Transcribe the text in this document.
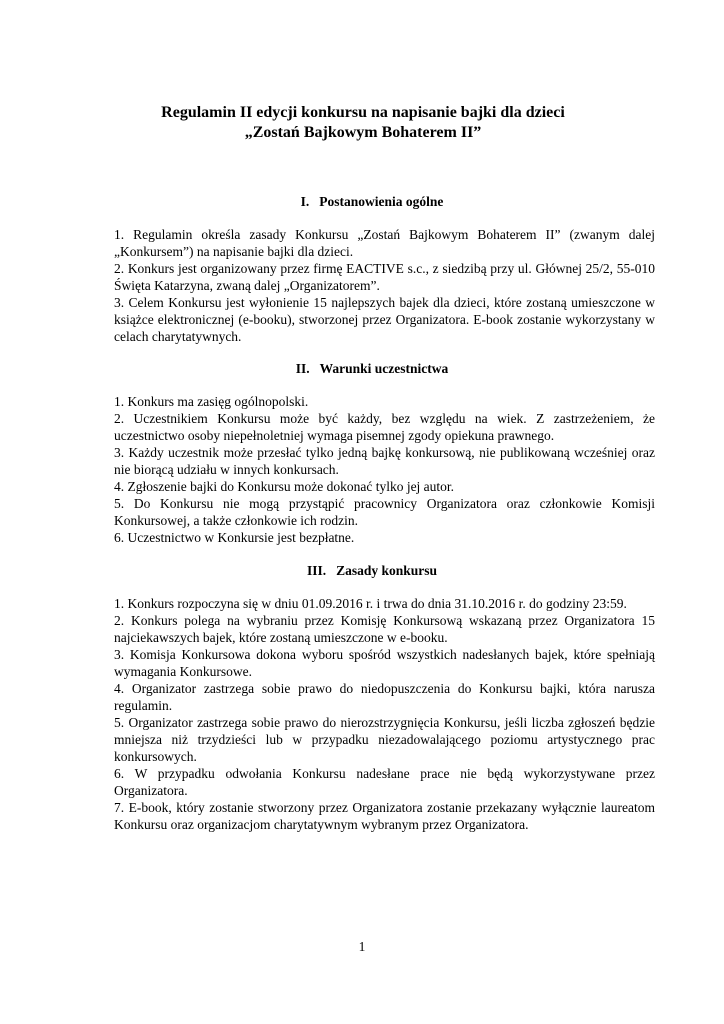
Regulamin II edycji konkursu na napisanie bajki dla dzieci
„Zostań Bajkowym Bohaterem II”
I. Postanowienia ogólne

1. Regulamin określa zasady Konkursu „Zostań Bajkowym Bohaterem II” (zwanym dalej „Konkursem”) na napisanie bajki dla dzieci.

2. Konkurs jest organizowany przez firmę EACTIVE s.c., z siedzibą przy ul. Głównej 25/2, 55-010 Święta Katarzyna, zwaną dalej „Organizatorem”.

3. Celem Konkursu jest wyłonienie 15 najlepszych bajek dla dzieci, które zostaną umieszczone w książce elektronicznej (e-booku), stworzonej przez Organizatora. E-book zostanie wykorzystany w celach charytatywnych.

II. Warunki uczestnictwa

1. Konkurs ma zasięg ogólnopolski.

2. Uczestnikiem Konkursu może być każdy, bez względu na wiek. Z zastrzeżeniem, że uczestnictwo osoby niepełnoletniej wymaga pisemnej zgody opiekuna prawnego.

3. Każdy uczestnik może przesłać tylko jedną bajkę konkursową, nie publikowaną wcześniej oraz nie biorącą udziału w innych konkursach.

4. Zgłoszenie bajki do Konkursu może dokonać tylko jej autor.

5. Do Konkursu nie mogą przystąpić pracownicy Organizatora oraz członkowie Komisji Konkursowej, a także członkowie ich rodzin.

6. Uczestnictwo w Konkursie jest bezpłatne.

III. Zasady konkursu

1. Konkurs rozpoczyna się w dniu 01.09.2016 r. i trwa do dnia 31.10.2016 r. do godziny 23:59.

2. Konkurs polega na wybraniu przez Komisję Konkursową wskazaną przez Organizatora 15 najciekawszych bajek, które zostaną umieszczone w e-booku.

3. Komisja Konkursowa dokona wyboru spośród wszystkich nadesłanych bajek, które spełniają wymagania Konkursowe.

4. Organizator zastrzega sobie prawo do niedopuszczenia do Konkursu bajki, która narusza regulamin.

5. Organizator zastrzega sobie prawo do nierozstrzygnięcia Konkursu, jeśli liczba zgłoszeń będzie mniejsza niż trzydzieści lub w przypadku niezadowalającego poziomu artystycznego prac konkursowych.

6. W przypadku odwołania Konkursu nadesłane prace nie będą wykorzystywane przez Organizatora.

7. E-book, który zostanie stworzony przez Organizatora zostanie przekazany wyłącznie laureatom Konkursu oraz organizacjom charytatywnym wybranym przez Organizatora.

1
